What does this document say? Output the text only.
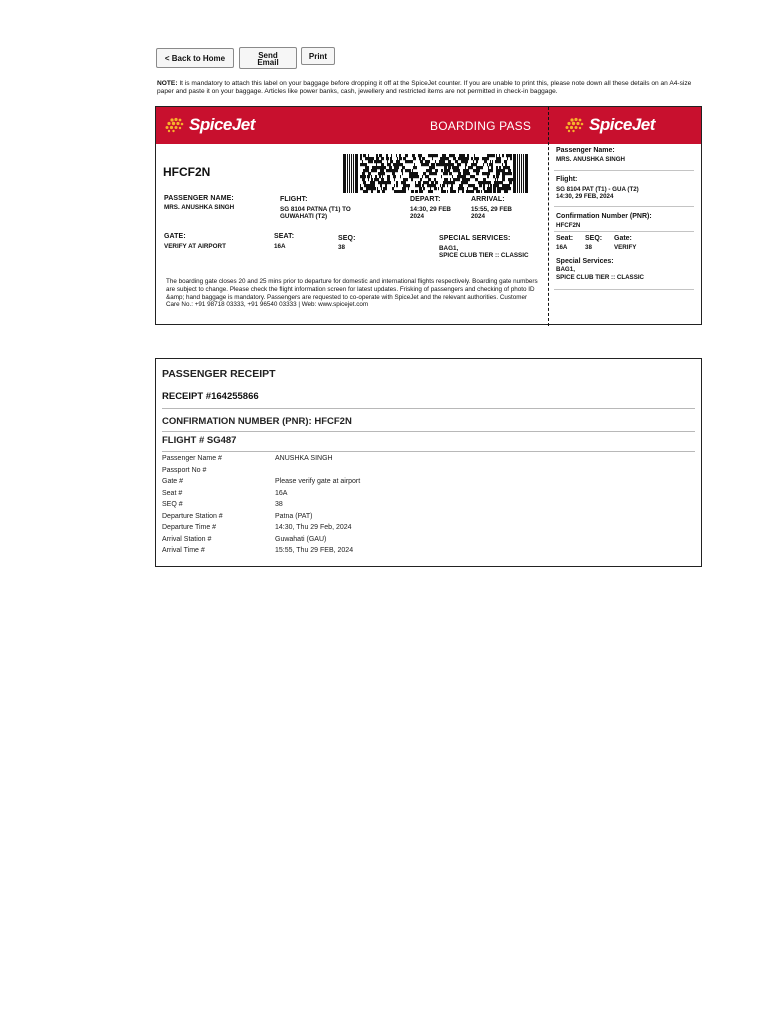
< Back to Home	Send
Email
Print
NOTE: It is mandatory to attach this label on your baggage before dropping it off at the SpiceJet counter. If you are unable to print this, please note down all these details on an A4-size paper and paste it on your baggage. Articles like power banks, cash, jewellery and restricted items are not permitted in check-in baggage.
SpiceJet	BOARDING PASS	SpiceJet
HFCF2N
PASSENGER NAME:
MRS. ANUSHKA SINGH
FLIGHT:
SG 8104 PATNA (T1) TO
GUWAHATI (T2)
DEPART:
14:30, 29 FEB
2024
ARRIVAL:
15:55, 29 FEB
2024
GATE:
VERIFY AT AIRPORT
SEAT:
16A
SEQ:
38
SPECIAL SERVICES:
BAG1,
SPICE CLUB TIER :: CLASSIC
The boarding gate closes 20 and 25 mins prior to departure for domestic and international flights respectively. Boarding gate numbers are subject to change. Please check the flight information screen for latest updates. Frisking of passengers and checking of photo ID &amp; hand baggage is mandatory. Passengers are requested to co-operate with SpiceJet and the relevant authorities. Customer Care No.: +91 98718 03333, +91 96540 03333 | Web: www.spicejet.com
Passenger Name:
MRS. ANUSHKA SINGH
Flight:
SG 8104 PAT (T1) - GUA (T2)
14:30, 29 FEB, 2024
Confirmation Number (PNR):
HFCF2N
Seat:
16A
SEQ:
38
Gate:
VERIFY
Special Services:
BAG1,
SPICE CLUB TIER :: CLASSIC
PASSENGER RECEIPT
RECEIPT #164255866
CONFIRMATION NUMBER (PNR): HFCF2N
FLIGHT # SG487
Passenger Name #	ANUSHKA SINGH
Passport No #
Gate #	Please verify gate at airport
Seat #	16A
SEQ #	38
Departure Station #	Patna (PAT)
Departure Time #	14:30, Thu 29 Feb, 2024
Arrival Station #	Guwahati (GAU)
Arrival Time #	15:55, Thu 29 FEB, 2024
